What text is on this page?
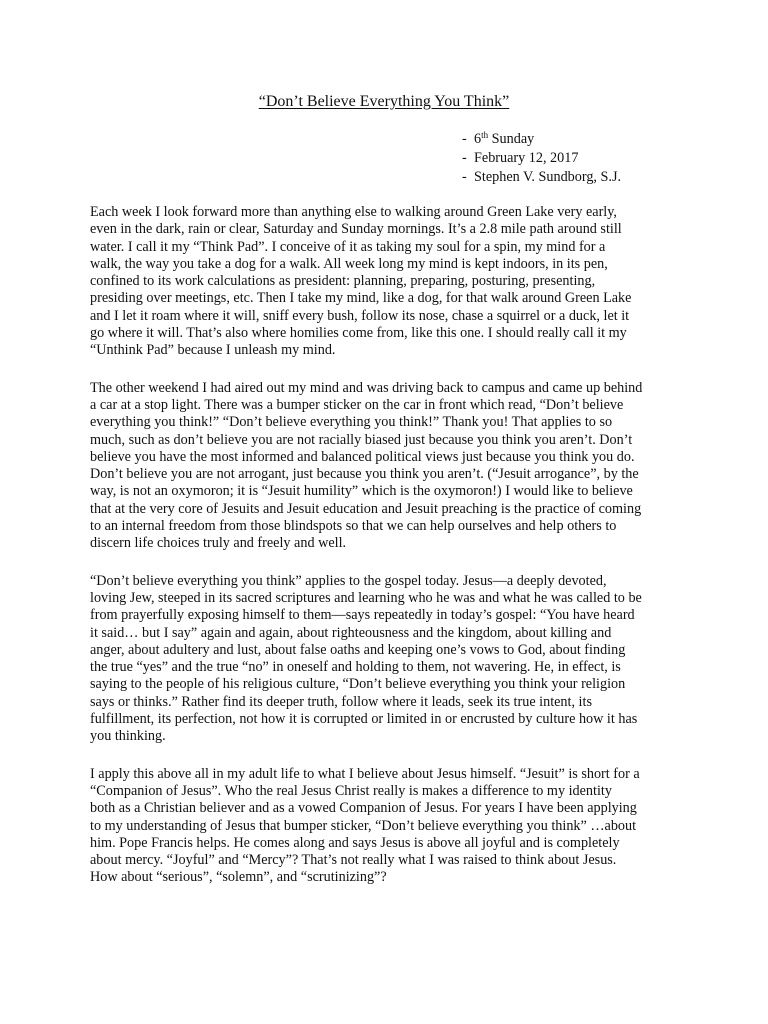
“Don’t Believe Everything You Think”
- 6th Sunday
- February 12, 2017
- Stephen V. Sundborg, S.J.

Each week I look forward more than anything else to walking around Green Lake very early,
even in the dark, rain or clear, Saturday and Sunday mornings. It’s a 2.8 mile path around still
water. I call it my “Think Pad”. I conceive of it as taking my soul for a spin, my mind for a
walk, the way you take a dog for a walk. All week long my mind is kept indoors, in its pen,
confined to its work calculations as president: planning, preparing, posturing, presenting,
presiding over meetings, etc. Then I take my mind, like a dog, for that walk around Green Lake
and I let it roam where it will, sniff every bush, follow its nose, chase a squirrel or a duck, let it
go where it will. That’s also where homilies come from, like this one. I should really call it my
“Unthink Pad” because I unleash my mind.

The other weekend I had aired out my mind and was driving back to campus and came up behind
a car at a stop light. There was a bumper sticker on the car in front which read, “Don’t believe
everything you think!” “Don’t believe everything you think!” Thank you! That applies to so
much, such as don’t believe you are not racially biased just because you think you aren’t. Don’t
believe you have the most informed and balanced political views just because you think you do.
Don’t believe you are not arrogant, just because you think you aren’t. (“Jesuit arrogance”, by the
way, is not an oxymoron; it is “Jesuit humility” which is the oxymoron!) I would like to believe
that at the very core of Jesuits and Jesuit education and Jesuit preaching is the practice of coming
to an internal freedom from those blindspots so that we can help ourselves and help others to
discern life choices truly and freely and well.

“Don’t believe everything you think” applies to the gospel today. Jesus—a deeply devoted,
loving Jew, steeped in its sacred scriptures and learning who he was and what he was called to be
from prayerfully exposing himself to them—says repeatedly in today’s gospel: “You have heard
it said… but I say” again and again, about righteousness and the kingdom, about killing and
anger, about adultery and lust, about false oaths and keeping one’s vows to God, about finding
the true “yes” and the true “no” in oneself and holding to them, not wavering. He, in effect, is
saying to the people of his religious culture, “Don’t believe everything you think your religion
says or thinks.” Rather find its deeper truth, follow where it leads, seek its true intent, its
fulfillment, its perfection, not how it is corrupted or limited in or encrusted by culture how it has
you thinking.

I apply this above all in my adult life to what I believe about Jesus himself. “Jesuit” is short for a
“Companion of Jesus”. Who the real Jesus Christ really is makes a difference to my identity
both as a Christian believer and as a vowed Companion of Jesus. For years I have been applying
to my understanding of Jesus that bumper sticker, “Don’t believe everything you think” …about
him. Pope Francis helps. He comes along and says Jesus is above all joyful and is completely
about mercy. “Joyful” and “Mercy”? That’s not really what I was raised to think about Jesus.
How about “serious”, “solemn”, and “scrutinizing”?
